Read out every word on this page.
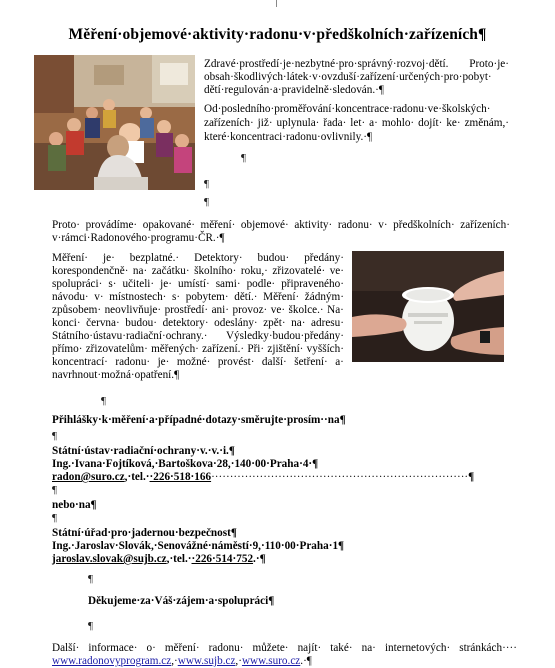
Měření·objemové·aktivity·radonu·v·předškolních·zařízeních¶
Zdravé·prostředí·je·nezbytné·pro·správný·rozvoj·dětí. Proto·je·
obsah·škodlivých·látek·v·ovzduší·zařízení·určených·pro·pobyt·
dětí·regulován·a·pravidelně·sledován.·¶
Od·posledního·proměřování·koncentrace·radonu·ve·školských·
zařízeních· již· uplynula· řada· let· a· mohlo· dojít· ke· změnám,·
které·koncentraci·radonu·ovlivnily.·¶
¶
¶
¶
Proto· provádíme· opakované· měření· objemové· aktivity· radonu· v· předškolních· zařízeních·
v·rámci·Radonového·programu·ČR.·¶
Měření· je· bezplatné.· Detektory· budou· předány·
korespondenčně· na· začátku· školního· roku,· zřizovatelé· ve·
spolupráci· s· učiteli· je· umístí· sami· podle· připraveného·
návodu· v· místnostech· s· pobytem· dětí.· Měření· žádným·
způsobem· neovlivňuje· prostředí· ani· provoz· ve· školce.· Na·
konci· června· budou· detektory· odeslány· zpět· na· adresu·
Státního·ústavu·radiační·ochrany.· Výsledky·budou·předány·
přímo· zřizovatelům· měřených· zařízení.· Při· zjištění· vyšších·
koncentrací· radonu· je· možné· provést· další· šetření· a·
navrhnout·možná·opatření.¶
¶
Přihlášky·k·měření·a·případné·dotazy·směrujte·prosím··na¶
¶
Státní·ústav·radiační·ochrany·v.·v.·i.¶
Ing.·Ivana·Fojtíková,·Bartoškova·28,·140·00·Praha·4·¶
radon@suro.cz,·tel.··226·518·166·····································································¶
¶
nebo·na¶
¶
Státní·úřad·pro·jadernou·bezpečnost¶
Ing.·Jaroslav·Slovák,·Senovážné·náměstí·9,·110·00·Praha·1¶
jaroslav.slovak@sujb.cz,·tel.··226·514·752.·¶
¶
Děkujeme·za·Váš·zájem·a·spolupráci¶
¶
Další· informace· o· měření· radonu· můžete· najít· také· na· internetových· stránkách····
www.radonovyprogram.cz,·www.sujb.cz,·www.suro.cz.·¶
